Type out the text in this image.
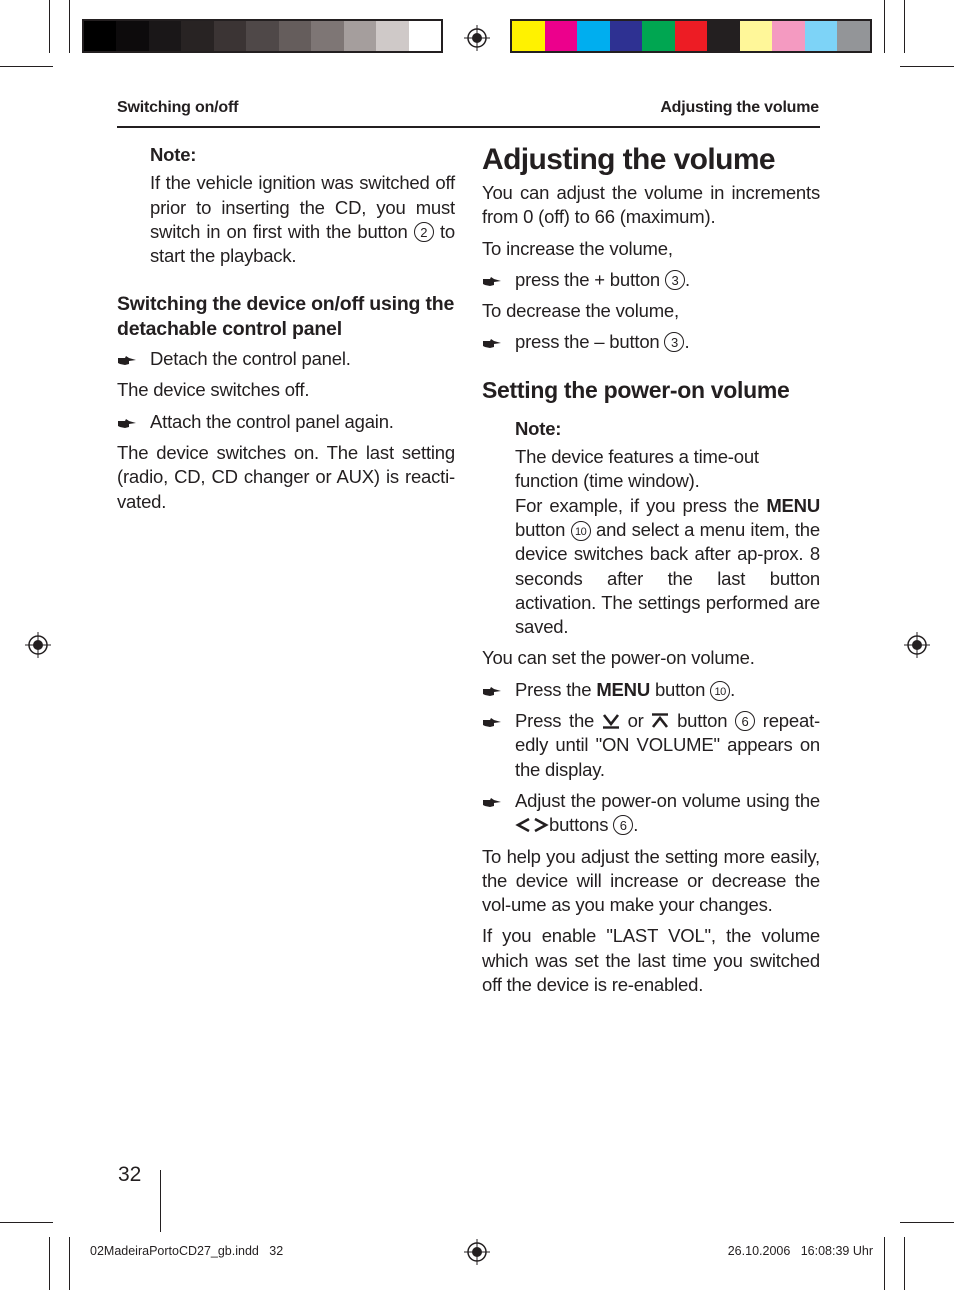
Switching on/off	Adjusting the volume

Note:

If the vehicle ignition was switched off prior to inserting the CD, you must switch in on first with the button 2 to start the playback.

Switching the device on/off using the detachable control panel

Detach the control panel.

The device switches off.

Attach the control panel again.

The device switches on. The last setting (radio, CD, CD changer or AUX) is reacti-vated.

Adjusting the volume

You can adjust the volume in increments from 0 (off) to 66 (maximum).

To increase the volume,

press the + button 3 .

To decrease the volume,

press the – button 3 .

Setting the power-on volume

Note:

The device features a time-out function (time window).

For example, if you press the MENU button 10 and select a menu item, the device switches back after ap-prox. 8 seconds after the last button activation. The settings performed are saved.

You can set the power-on volume.

Press the MENU button 10 .
Press the or button 6 repeat-edly until "ON VOLUME" appears on the display.
Adjust the power-on volume using the buttons 6 .

To help you adjust the setting more easily, the device will increase or decrease the vol-ume as you make your changes.

If you enable "LAST VOL", the volume which was set the last time you switched off the device is re-enabled.

32
02MadeiraPortoCD27_gb.indd   32	26.10.2006   16:08:39 Uhr
